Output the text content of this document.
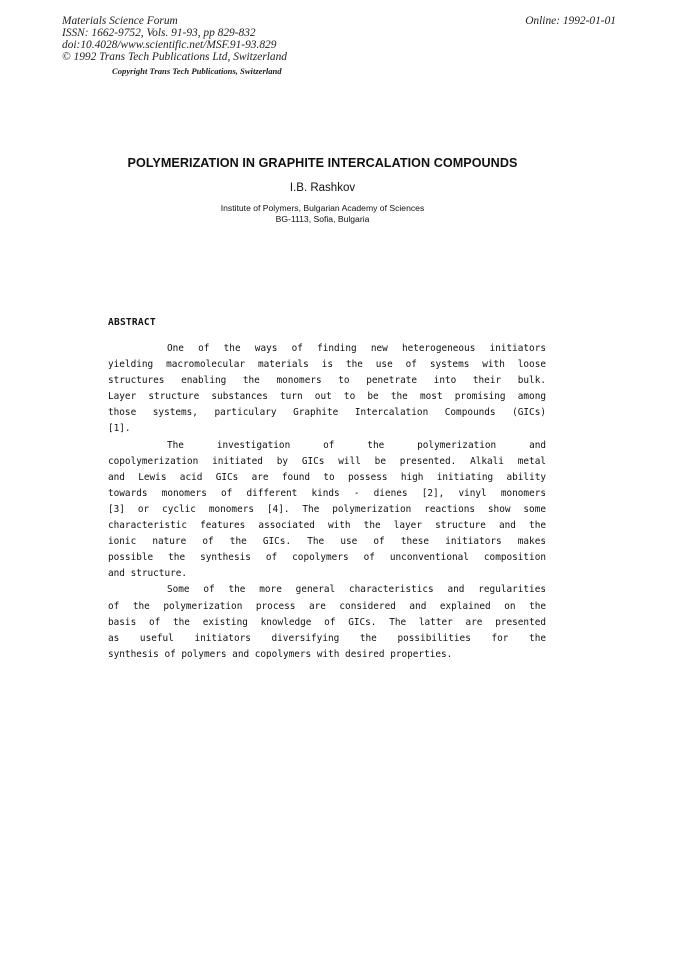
Materials Science Forum
ISSN: 1662-9752, Vols. 91-93, pp 829-832
doi:10.4028/www.scientific.net/MSF.91-93.829
© 1992 Trans Tech Publications Ltd, Switzerland
Copyright Trans Tech Publications, Switzerland
Online: 1992-01-01
POLYMERIZATION IN GRAPHITE INTERCALATION COMPOUNDS
I.B. Rashkov
Institute of Polymers, Bulgarian Academy of Sciences
BG-1113, Sofia, Bulgaria
ABSTRACT
One of the ways of finding new heterogeneous initiators
yielding macromolecular materials is the use of systems with loose
structures enabling the monomers to penetrate into their bulk.
Layer structure substances turn out to be the most promising among
those systems, particulary Graphite Intercalation Compounds (GICs)
[1].
The investigation of the polymerization and
copolymerization initiated by GICs will be presented. Alkali metal
and Lewis acid GICs are found to possess high initiating ability
towards monomers of different kinds - dienes [2], vinyl monomers
[3] or cyclic monomers [4]. The polymerization reactions show some
characteristic features associated with the layer structure and the
ionic nature of the GICs. The use of these initiators makes
possible the synthesis of copolymers of unconventional composition
and structure.
Some of the more general characteristics and regularities
of the polymerization process are considered and explained on the
basis of the existing knowledge of GICs. The latter are presented
as useful initiators diversifying the possibilities for the
synthesis of polymers and copolymers with desired properties.
